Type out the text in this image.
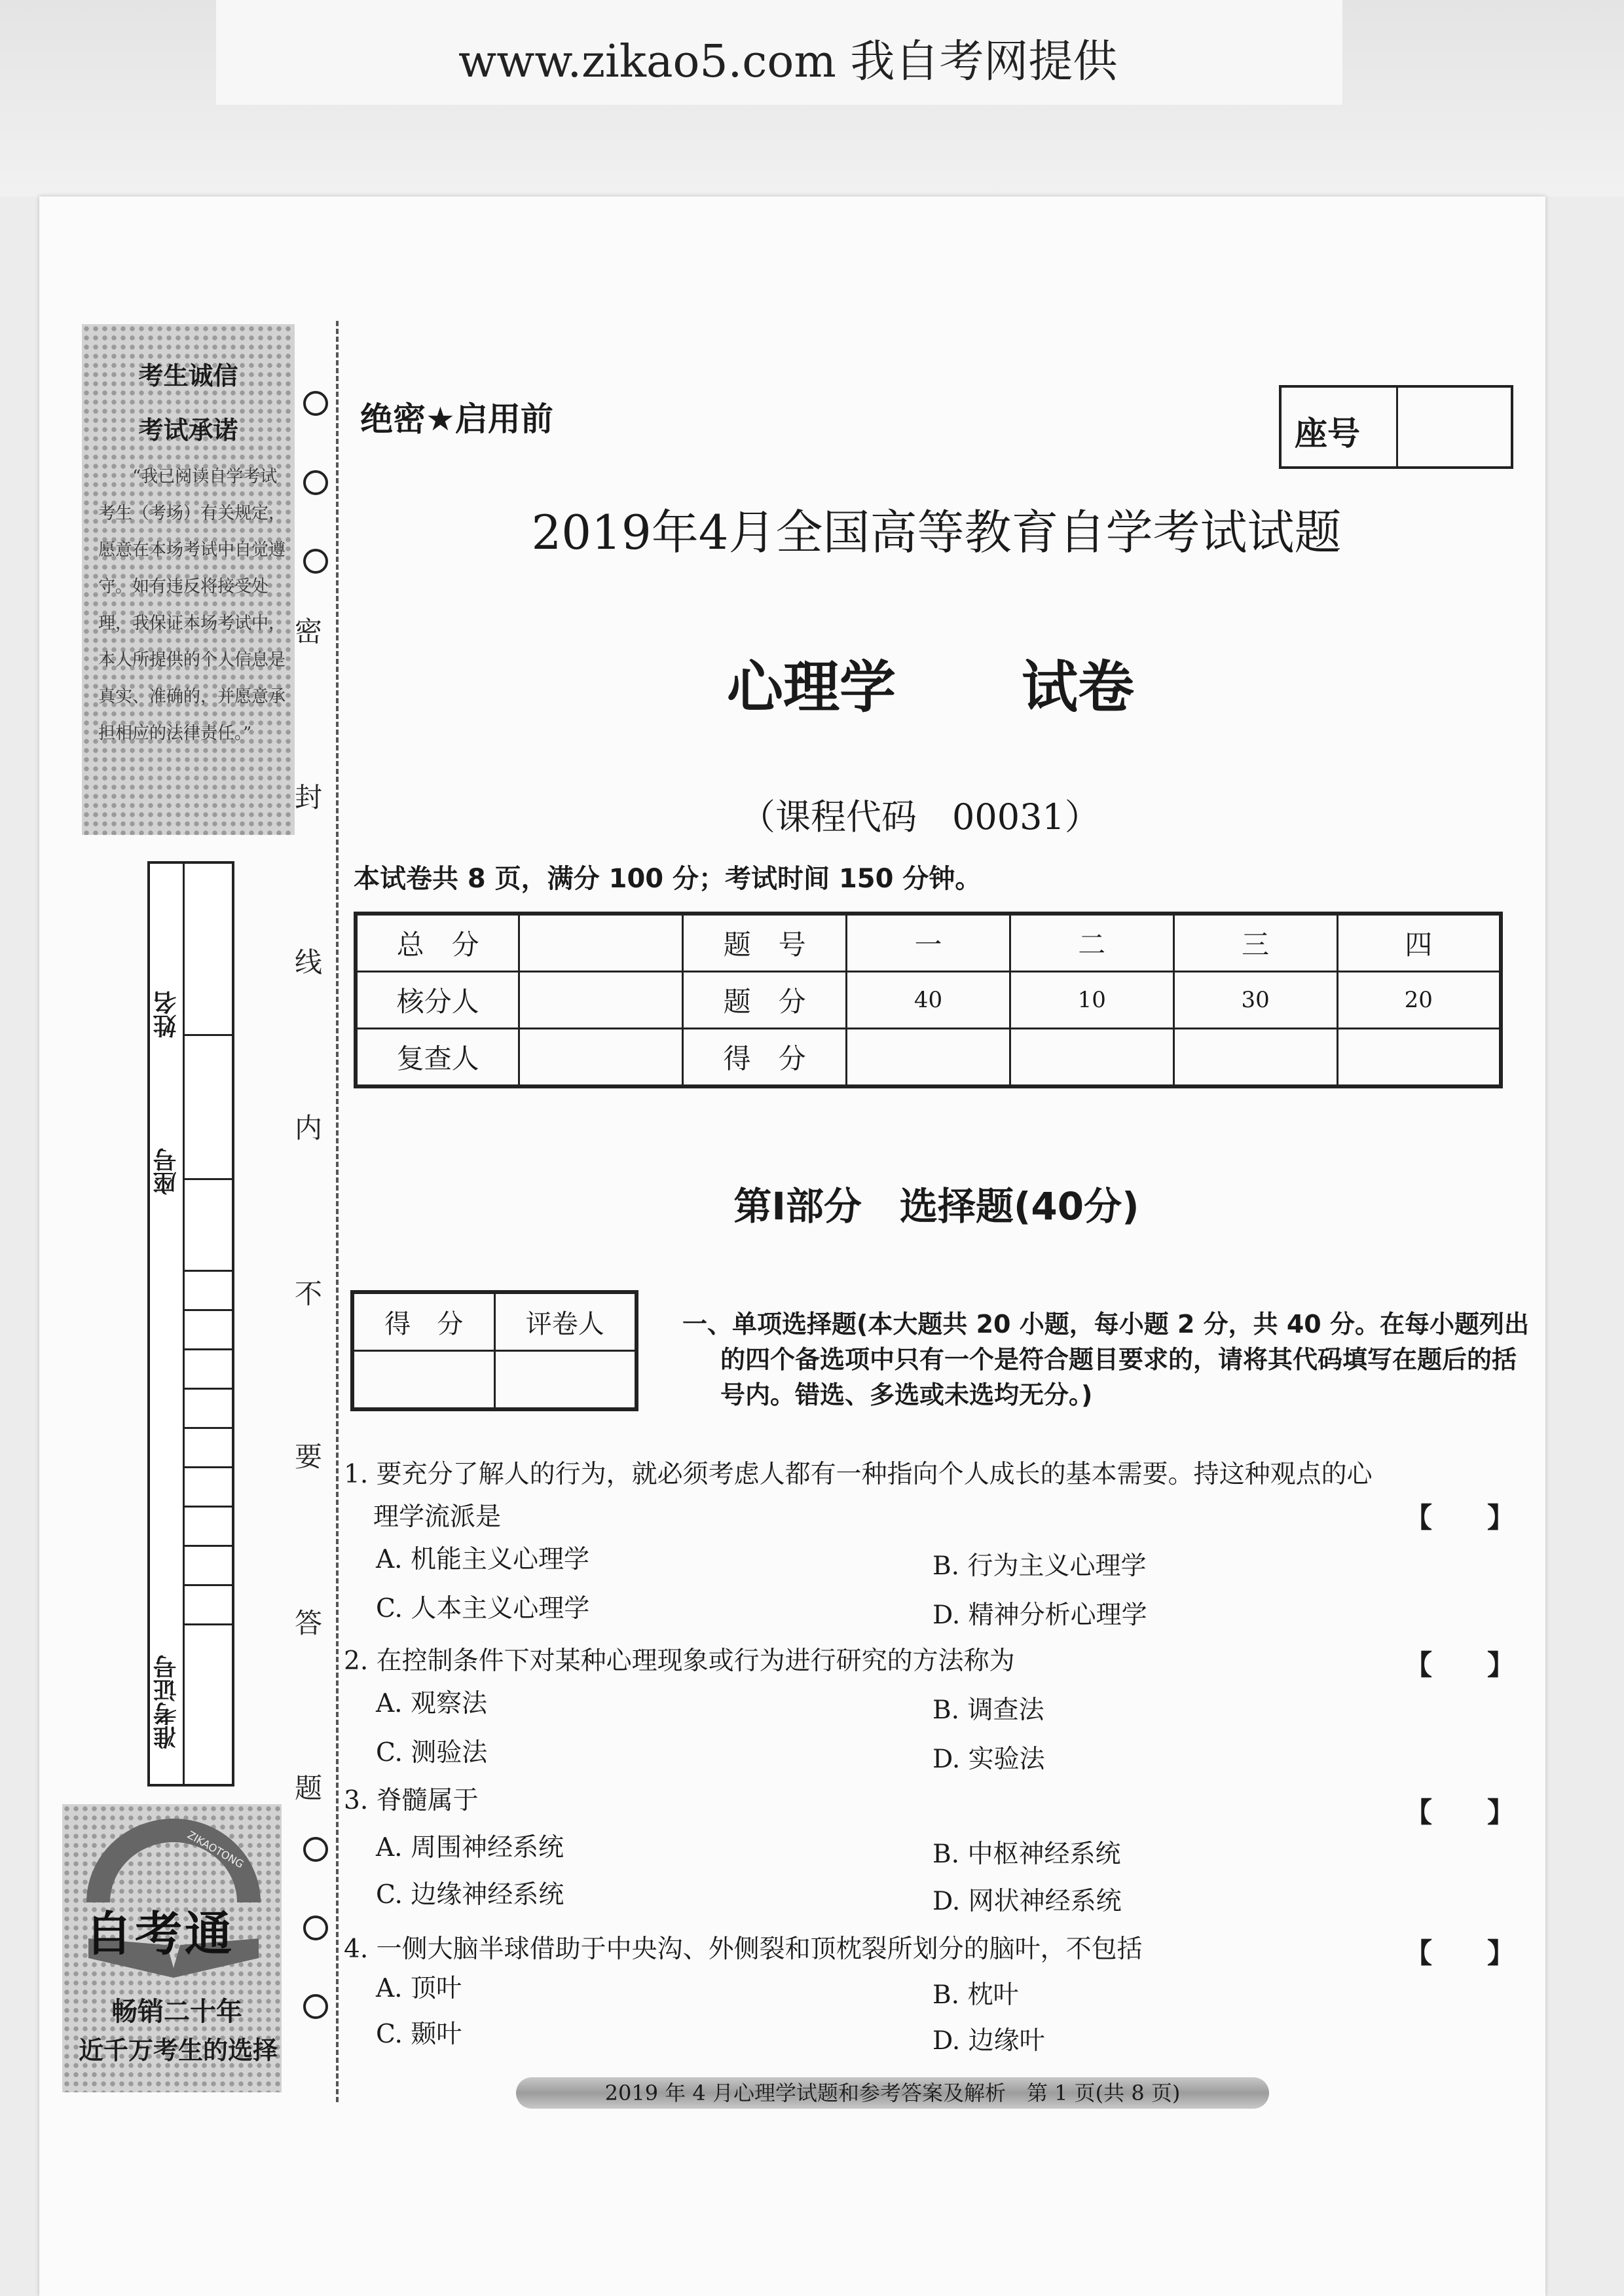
www.zikao5.com 我自考网提供
考生诚信
考试承诺
“我已阅读自学考试考生（考场）有关规定，愿意在本场考试中自觉遵守。如有违反将接受处理，我保证本场考试中，本人所提供的个人信息是真实、准确的，并愿意承担相应的法律责任。”
姓名
座号
准考证号
ZIKAOTONG
自考通
畅销二十年
近千万考生的选择
密
封
线
内
不
要
答
题
绝密★启用前	座号
2019年4月全国高等教育自学考试试题
心理学 试卷
（课程代码　00031）
本试卷共 8 页，满分 100 分；考试时间 150 分钟。
总　分		题　号	一	二	三	四
核分人		题　分	40	10	30	20
复查人		得　分				
第Ⅰ部分　选择题(40分)
得　分	评卷人
		一、单项选择题(本大题共 20 小题，每小题 2 分，共 40 分。在每小题列出的四个备选项中只有一个是符合题目要求的，请将其代码填写在题后的括号内。错选、多选或未选均无分。)
1. 要充分了解人的行为，就必须考虑人都有一种指向个人成长的基本需要。持这种观点的心
理学流派是	【　　】
A. 机能主义心理学	B. 行为主义心理学
C. 人本主义心理学	D. 精神分析心理学
2. 在控制条件下对某种心理现象或行为进行研究的方法称为	【　　】
A. 观察法	B. 调查法
C. 测验法	D. 实验法
3. 脊髓属于	【　　】
A. 周围神经系统	B. 中枢神经系统
C. 边缘神经系统	D. 网状神经系统
4. 一侧大脑半球借助于中央沟、外侧裂和顶枕裂所划分的脑叶，不包括	【　　】
A. 顶叶	B. 枕叶
C. 颞叶	D. 边缘叶
2019 年 4 月心理学试题和参考答案及解析　第 1 页(共 8 页)
